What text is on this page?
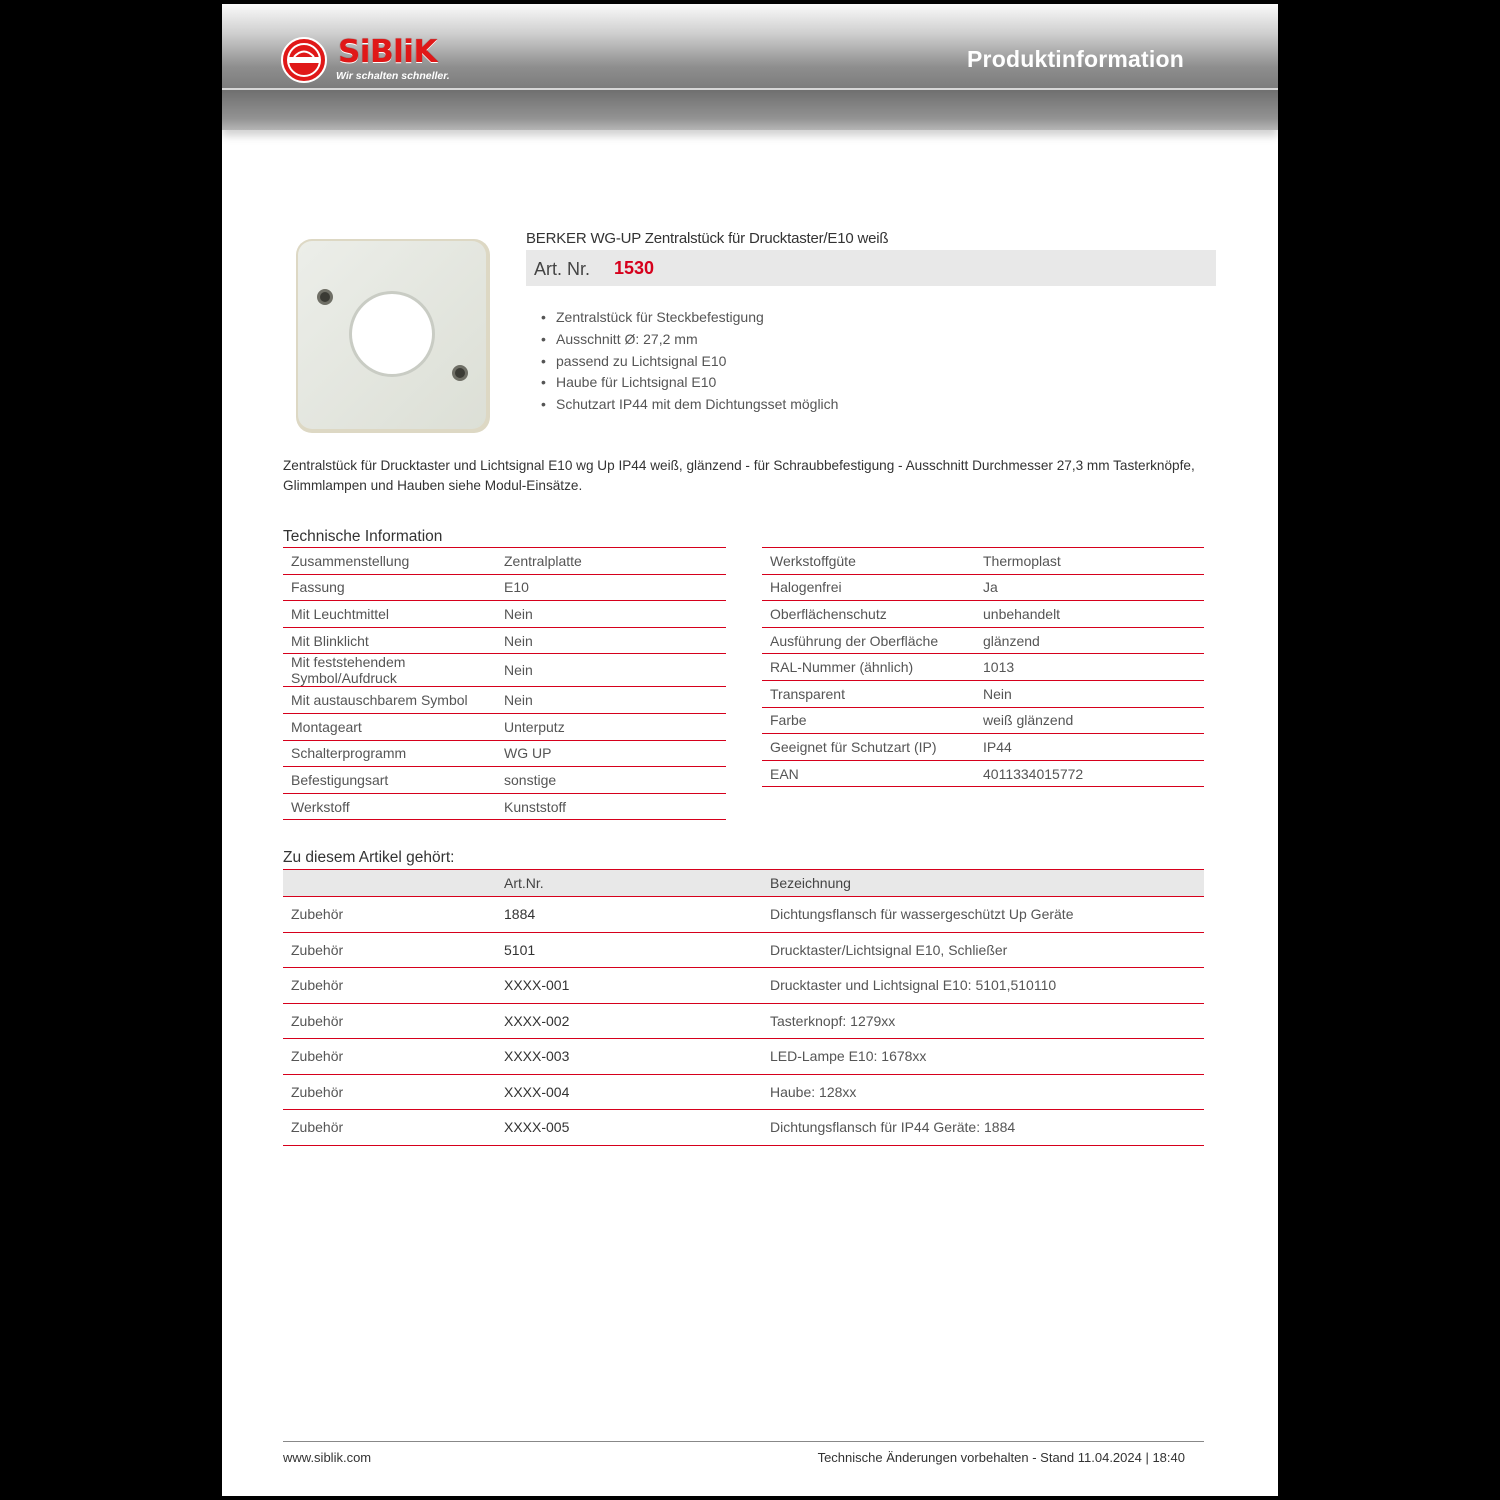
SiBliK
Wir schalten schneller.
Produktinformation
BERKER WG-UP Zentralstück für Drucktaster/E10 weiß
Art. Nr. 1530
• Zentralstück für Steckbefestigung
• Ausschnitt Ø: 27,2 mm
• passend zu Lichtsignal E10
• Haube für Lichtsignal E10
• Schutzart IP44 mit dem Dichtungsset möglich
Zentralstück für Drucktaster und Lichtsignal E10 wg Up IP44 weiß, glänzend - für Schraubbefestigung - Ausschnitt Durchmesser 27,3 mm Tasterknöpfe, Glimmlampen und Hauben siehe Modul-Einsätze.
Technische Information
Zusammenstellung	Zentralplatte
Fassung	E10
Mit Leuchtmittel	Nein
Mit Blinklicht	Nein
Mit feststehendem Symbol/Aufdruck	Nein
Mit austauschbarem Symbol	Nein
Montageart	Unterputz
Schalterprogramm	WG UP
Befestigungsart	sonstige
Werkstoff	Kunststoff
Werkstoffgüte	Thermoplast
Halogenfrei	Ja
Oberflächenschutz	unbehandelt
Ausführung der Oberfläche	glänzend
RAL-Nummer (ähnlich)	1013
Transparent	Nein
Farbe	weiß glänzend
Geeignet für Schutzart (IP)	IP44
EAN	4011334015772
Zu diesem Artikel gehört:
	Art.Nr.	Bezeichnung
Zubehör	1884	Dichtungsflansch für wassergeschützt Up Geräte
Zubehör	5101	Drucktaster/Lichtsignal E10, Schließer
Zubehör	XXXX-001	Drucktaster und Lichtsignal E10: 5101,510110
Zubehör	XXXX-002	Tasterknopf: 1279xx
Zubehör	XXXX-003	LED-Lampe E10: 1678xx
Zubehör	XXXX-004	Haube: 128xx
Zubehör	XXXX-005	Dichtungsflansch für IP44 Geräte: 1884
www.siblik.com	Technische Änderungen vorbehalten - Stand 11.04.2024 | 18:40
